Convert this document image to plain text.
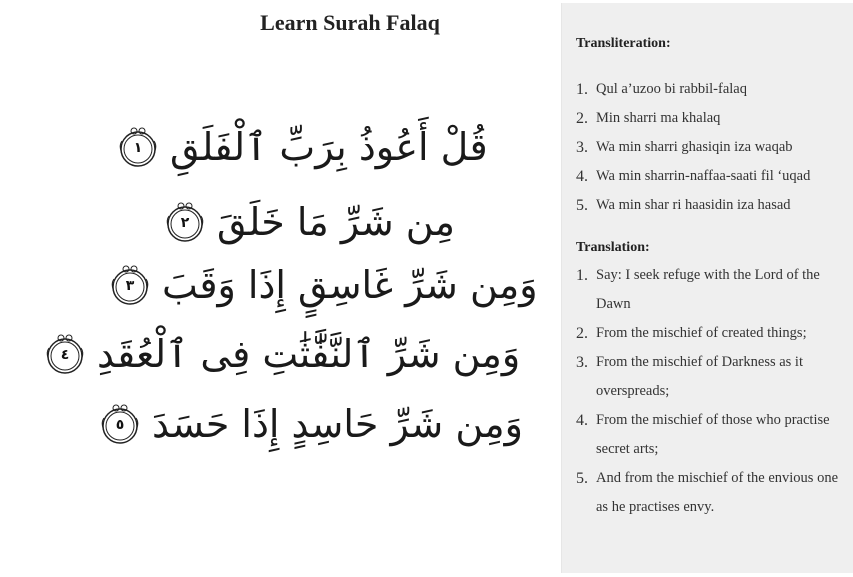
Learn Surah Falaq
١ قُلْ أَعُوذُ بِرَبِّ ٱلْفَلَقِ
٢ مِن شَرِّ مَا خَلَقَ
٣ وَمِن شَرِّ غَاسِقٍ إِذَا وَقَبَ
٤ وَمِن شَرِّ ٱلنَّفَّٰثَٰتِ فِى ٱلْعُقَدِ
٥ وَمِن شَرِّ حَاسِدٍ إِذَا حَسَدَ
Transliteration:
1. Qul a’uzoo bi rabbil-falaq
2. Min sharri ma khalaq
3. Wa min sharri ghasiqin iza waqab
4. Wa min sharrin-naffaa-saati fil ‘uqad
5. Wa min shar ri haasidin iza hasad
Translation:
1. Say: I seek refuge with the Lord of the Dawn
2. From the mischief of created things;
3. From the mischief of Darkness as it overspreads;
4. From the mischief of those who practise secret arts;
5. And from the mischief of the envious one as he practises envy.
